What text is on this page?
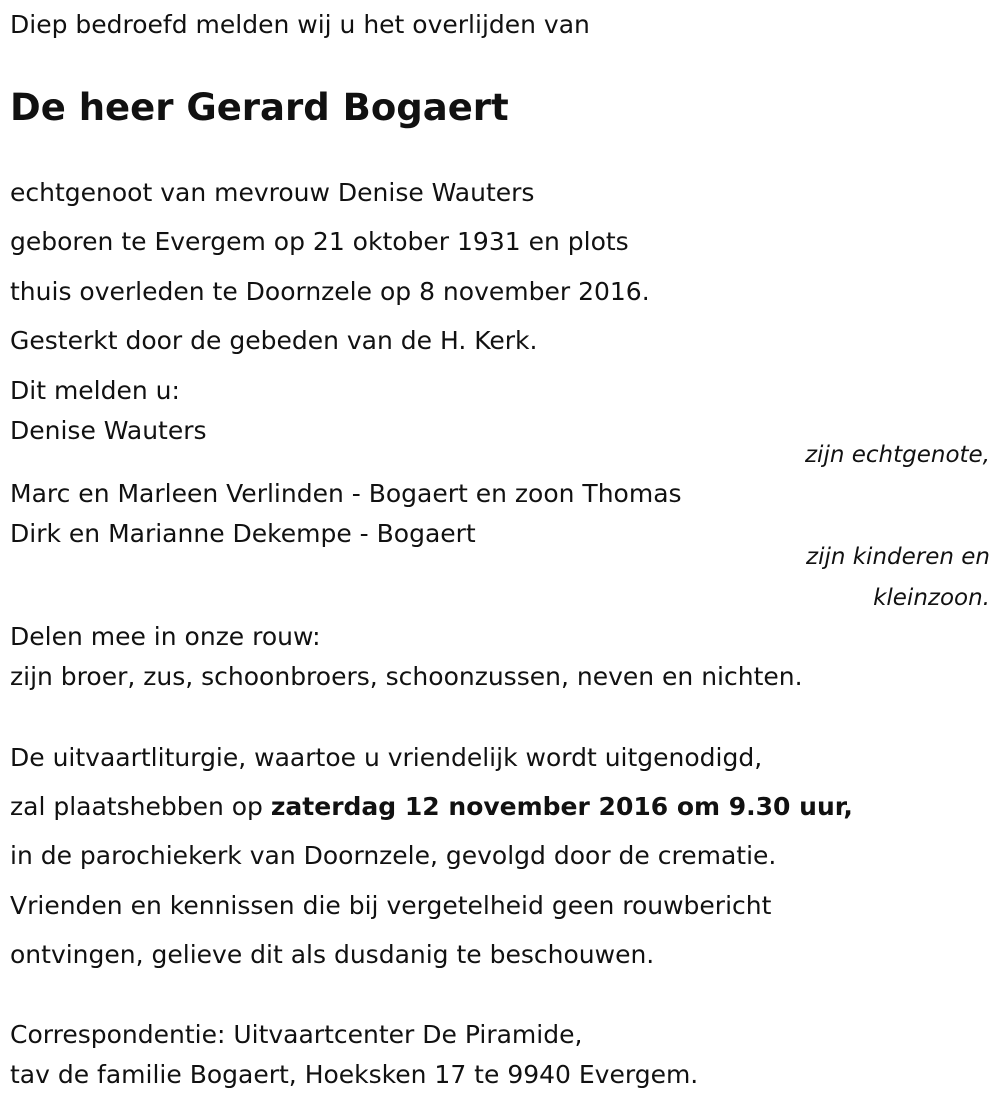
Diep bedroefd melden wij u het overlijden van

De heer Gerard Bogaert

echtgenoot van mevrouw Denise Wauters

geboren te Evergem op 21 oktober 1931 en plots

thuis overleden te Doornzele op 8 november 2016.

Gesterkt door de gebeden van de H. Kerk.

Dit melden u:

Denise Wauters

zijn echtgenote,

Marc en Marleen Verlinden - Bogaert en zoon Thomas

Dirk en Marianne Dekempe - Bogaert

zijn kinderen en

kleinzoon.

Delen mee in onze rouw:

zijn broer, zus, schoonbroers, schoonzussen, neven en nichten.

De uitvaartliturgie, waartoe u vriendelijk wordt uitgenodigd,

zal plaatshebben op zaterdag 12 november 2016 om 9.30 uur,

in de parochiekerk van Doornzele, gevolgd door de crematie.

Vrienden en kennissen die bij vergetelheid geen rouwbericht

ontvingen, gelieve dit als dusdanig te beschouwen.

Correspondentie: Uitvaartcenter De Piramide,

tav de familie Bogaert, Hoeksken 17 te 9940 Evergem.
